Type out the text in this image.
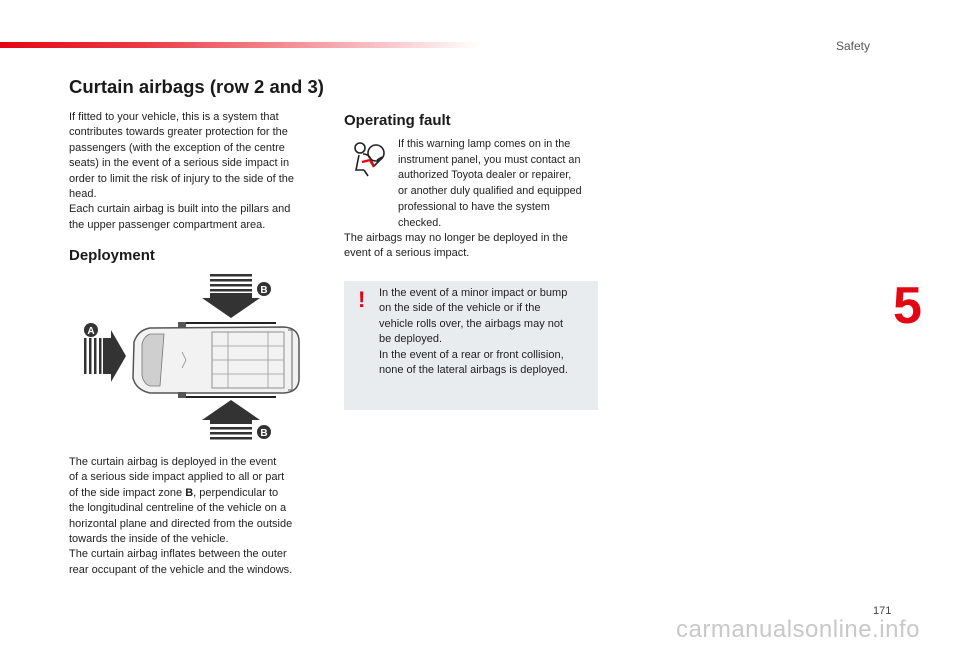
Safety
Curtain airbags (row 2 and 3)

If fitted to your vehicle, this is a system that
contributes towards greater protection for the
passengers (with the exception of the centre
seats) in the event of a serious side impact in
order to limit the risk of injury to the side of the
head.
Each curtain airbag is built into the pillars and
the upper passenger compartment area.

Deployment
A
B
B

The curtain airbag is deployed in the event
of a serious side impact applied to all or part
of the side impact zone B, perpendicular to
the longitudinal centreline of the vehicle on a
horizontal plane and directed from the outside
towards the inside of the vehicle.
The curtain airbag inflates between the outer
rear occupant of the vehicle and the windows.

Operating fault

If this warning lamp comes on in the
instrument panel, you must contact an
authorized Toyota dealer or repairer,
or another duly qualified and equipped
professional to have the system
checked.

The airbags may no longer be deployed in the
event of a serious impact.

! In the event of a minor impact or bump
on the side of the vehicle or if the
vehicle rolls over, the airbags may not
be deployed.
In the event of a rear or front collision,
none of the lateral airbags is deployed.

5
171
carmanualsonline.info
